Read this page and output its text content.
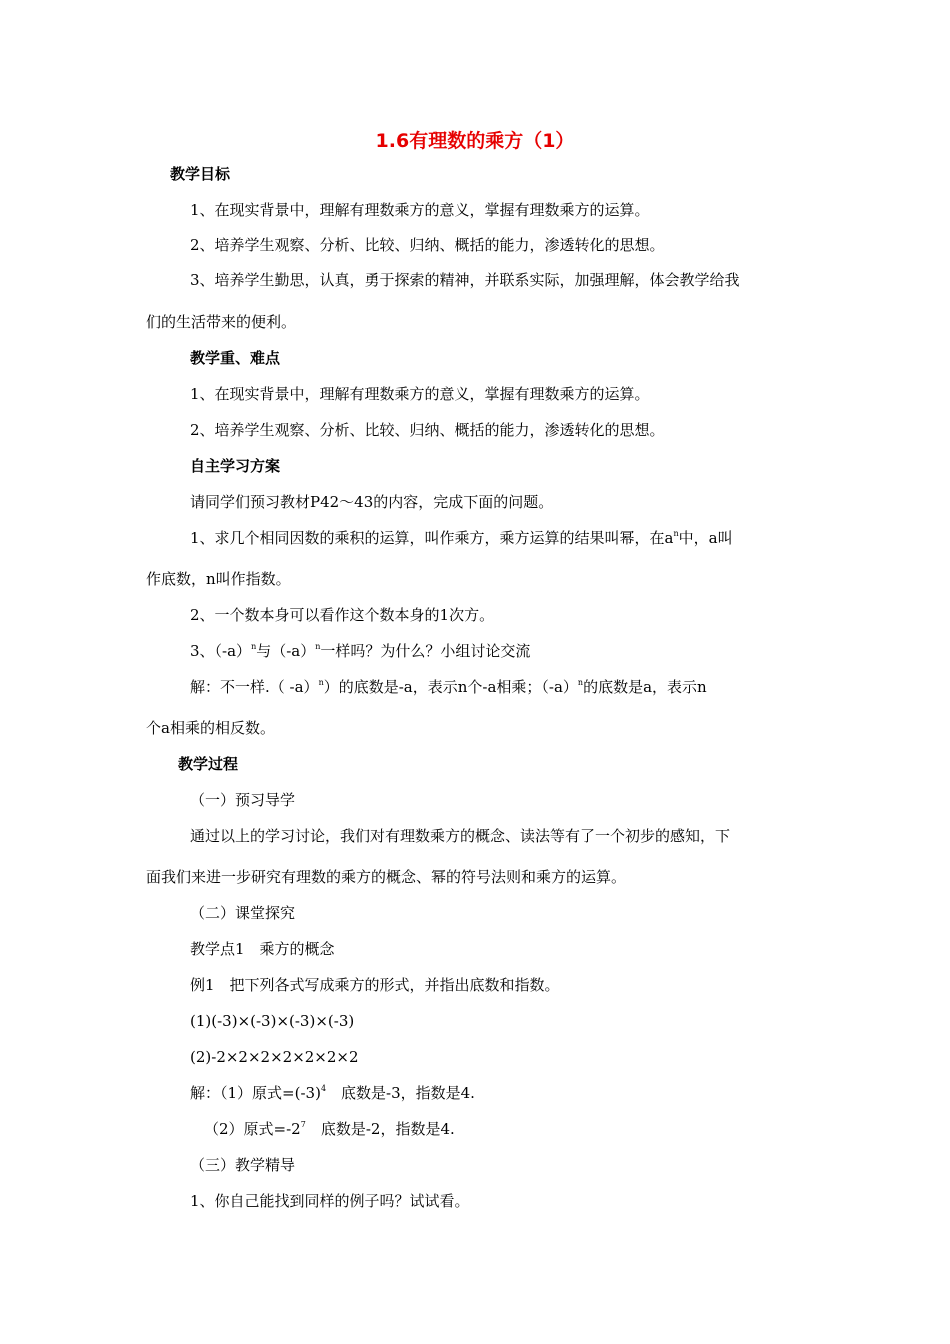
1.6有理数的乘方（1）
教学目标
1、在现实背景中，理解有理数乘方的意义，掌握有理数乘方的运算。
2、培养学生观察、分析、比较、归纳、概括的能力，渗透转化的思想。
3、培养学生勤思，认真，勇于探索的精神，并联系实际，加强理解，体会教学给我
们的生活带来的便利。
教学重、难点
1、在现实背景中，理解有理数乘方的意义，掌握有理数乘方的运算。
2、培养学生观察、分析、比较、归纳、概括的能力，渗透转化的思想。
自主学习方案
请同学们预习教材P42～43的内容，完成下面的问题。
1、求几个相同因数的乘积的运算，叫作乘方，乘方运算的结果叫幂，在$a^n$中，a叫
作底数，n叫作指数。
2、一个数本身可以看作这个数本身的1次方。
3、$(-a)^n$与$(-a)^n$一样吗？为什么？小组讨论交流
解：不一样.（ -a）$^n$）的底数是-a，表示n个-a相乘；$(-a)^n$的底数是a，表示n
个a相乘的相反数。
教学过程
（一）预习导学
通过以上的学习讨论，我们对有理数乘方的概念、读法等有了一个初步的感知，下
面我们来进一步研究有理数的乘方的概念、幂的符号法则和乘方的运算。
（二）课堂探究
教学点1　乘方的概念
例1　把下列各式写成乘方的形式，并指出底数和指数。
(1)(-3)×(-3)×(-3)×(-3)
(2)-2×2×2×2×2×2×2
解：（1）原式$=(-3)^4$　底数是-3，指数是4.
（2）原式$=-2^7$　底数是-2，指数是4.
（三）教学精导
1、你自己能找到同样的例子吗？试试看。
